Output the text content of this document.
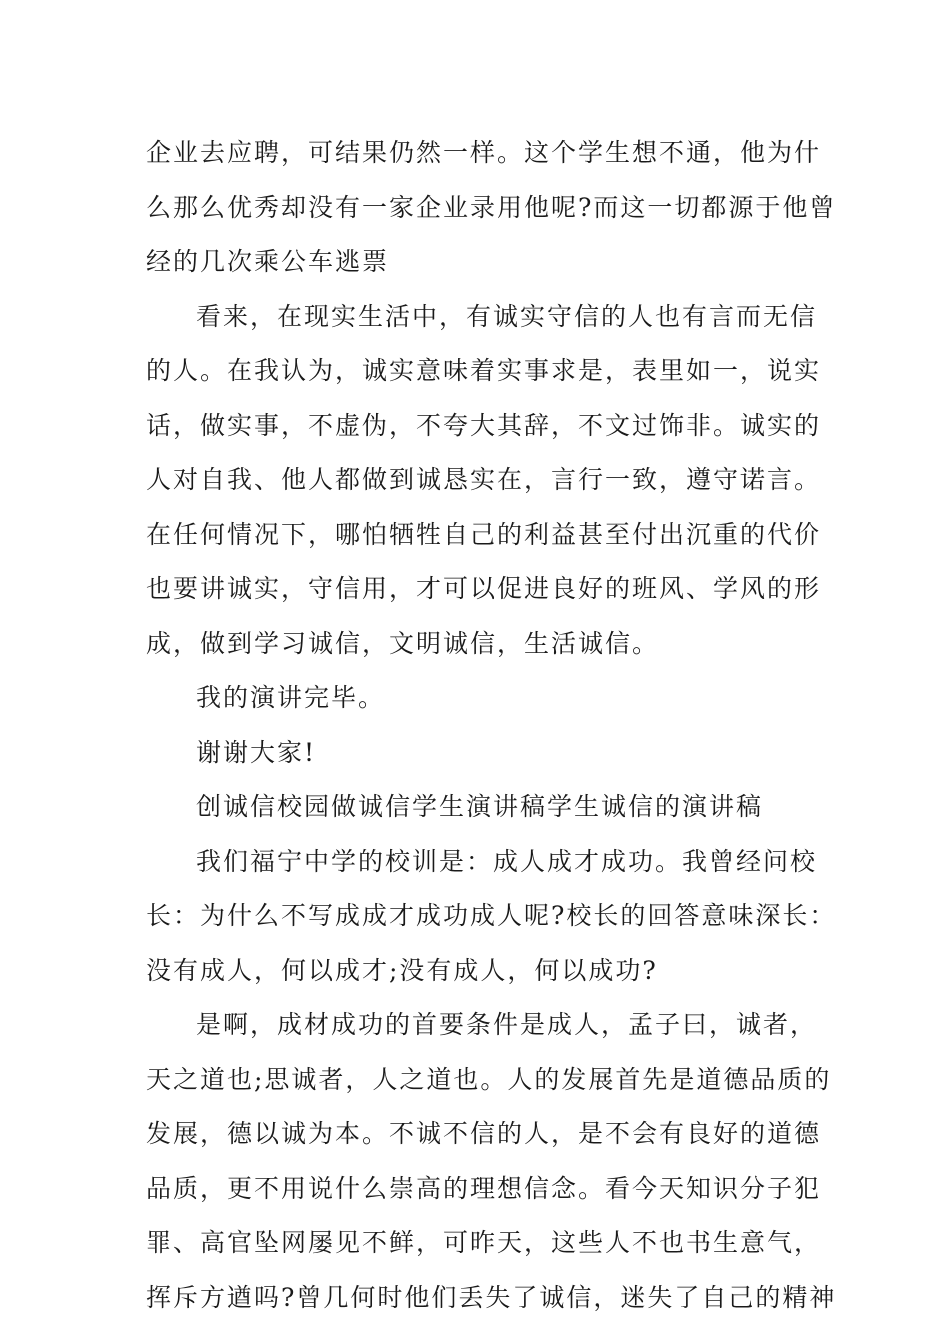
企业去应聘，可结果仍然一样。这个学生想不通，他为什
么那么优秀却没有一家企业录用他呢?而这一切都源于他曾
经的几次乘公车逃票
看来，在现实生活中，有诚实守信的人也有言而无信
的人。在我认为，诚实意味着实事求是，表里如一，说实
话，做实事，不虚伪，不夸大其辞，不文过饰非。诚实的
人对自我、他人都做到诚恳实在，言行一致，遵守诺言。
在任何情况下，哪怕牺牲自己的利益甚至付出沉重的代价
也要讲诚实，守信用，才可以促进良好的班风、学风的形
成，做到学习诚信，文明诚信，生活诚信。
我的演讲完毕。
谢谢大家!
创诚信校园做诚信学生演讲稿学生诚信的演讲稿
我们福宁中学的校训是：成人成才成功。我曾经问校
长：为什么不写成成才成功成人呢?校长的回答意味深长：
没有成人，何以成才;没有成人，何以成功?
是啊，成材成功的首要条件是成人，孟子曰，诚者，
天之道也;思诚者，人之道也。人的发展首先是道德品质的
发展，德以诚为本。不诚不信的人，是不会有良好的道德
品质，更不用说什么崇高的理想信念。看今天知识分子犯
罪、高官坠网屡见不鲜，可昨天，这些人不也书生意气，
挥斥方遒吗?曾几何时他们丢失了诚信，迷失了自己的精神
